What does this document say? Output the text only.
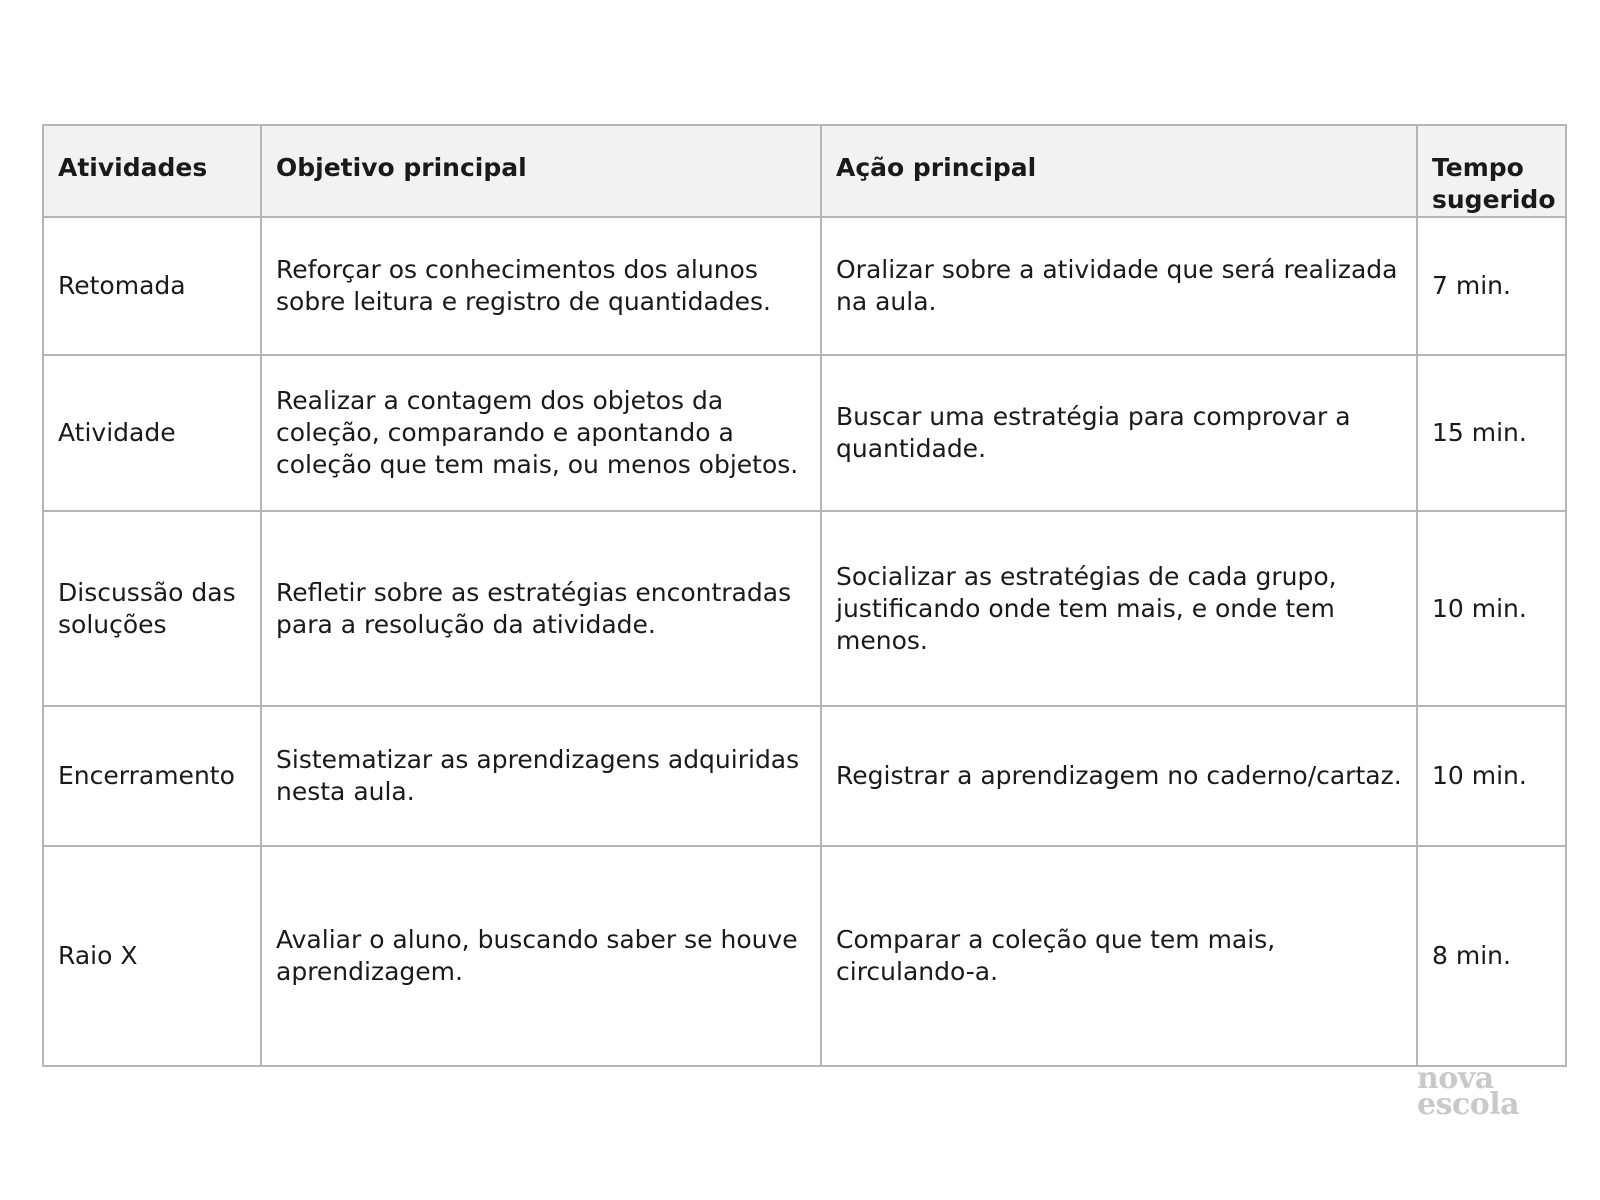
Atividades	Objetivo principal	Ação principal	Tempo sugerido
Retomada	Reforçar os conhecimentos dos alunos sobre leitura e registro de quantidades.	Oralizar sobre a atividade que será realizada na aula.	7 min.
Atividade	Realizar a contagem dos objetos da coleção, comparando e apontando a coleção que tem mais, ou menos objetos.	Buscar uma estratégia para comprovar a quantidade.	15 min.
Discussão das soluções	Refletir sobre as estratégias encontradas para a resolução da atividade.	Socializar as estratégias de cada grupo, justificando onde tem mais, e onde tem menos.	10 min.
Encerramento	Sistematizar as aprendizagens adquiridas nesta aula.	Registrar a aprendizagem no caderno/cartaz.	10 min.
Raio X	Avaliar o aluno, buscando saber se houve aprendizagem.	Comparar a coleção que tem mais, circulando-a.	8 min.
nova
escola
